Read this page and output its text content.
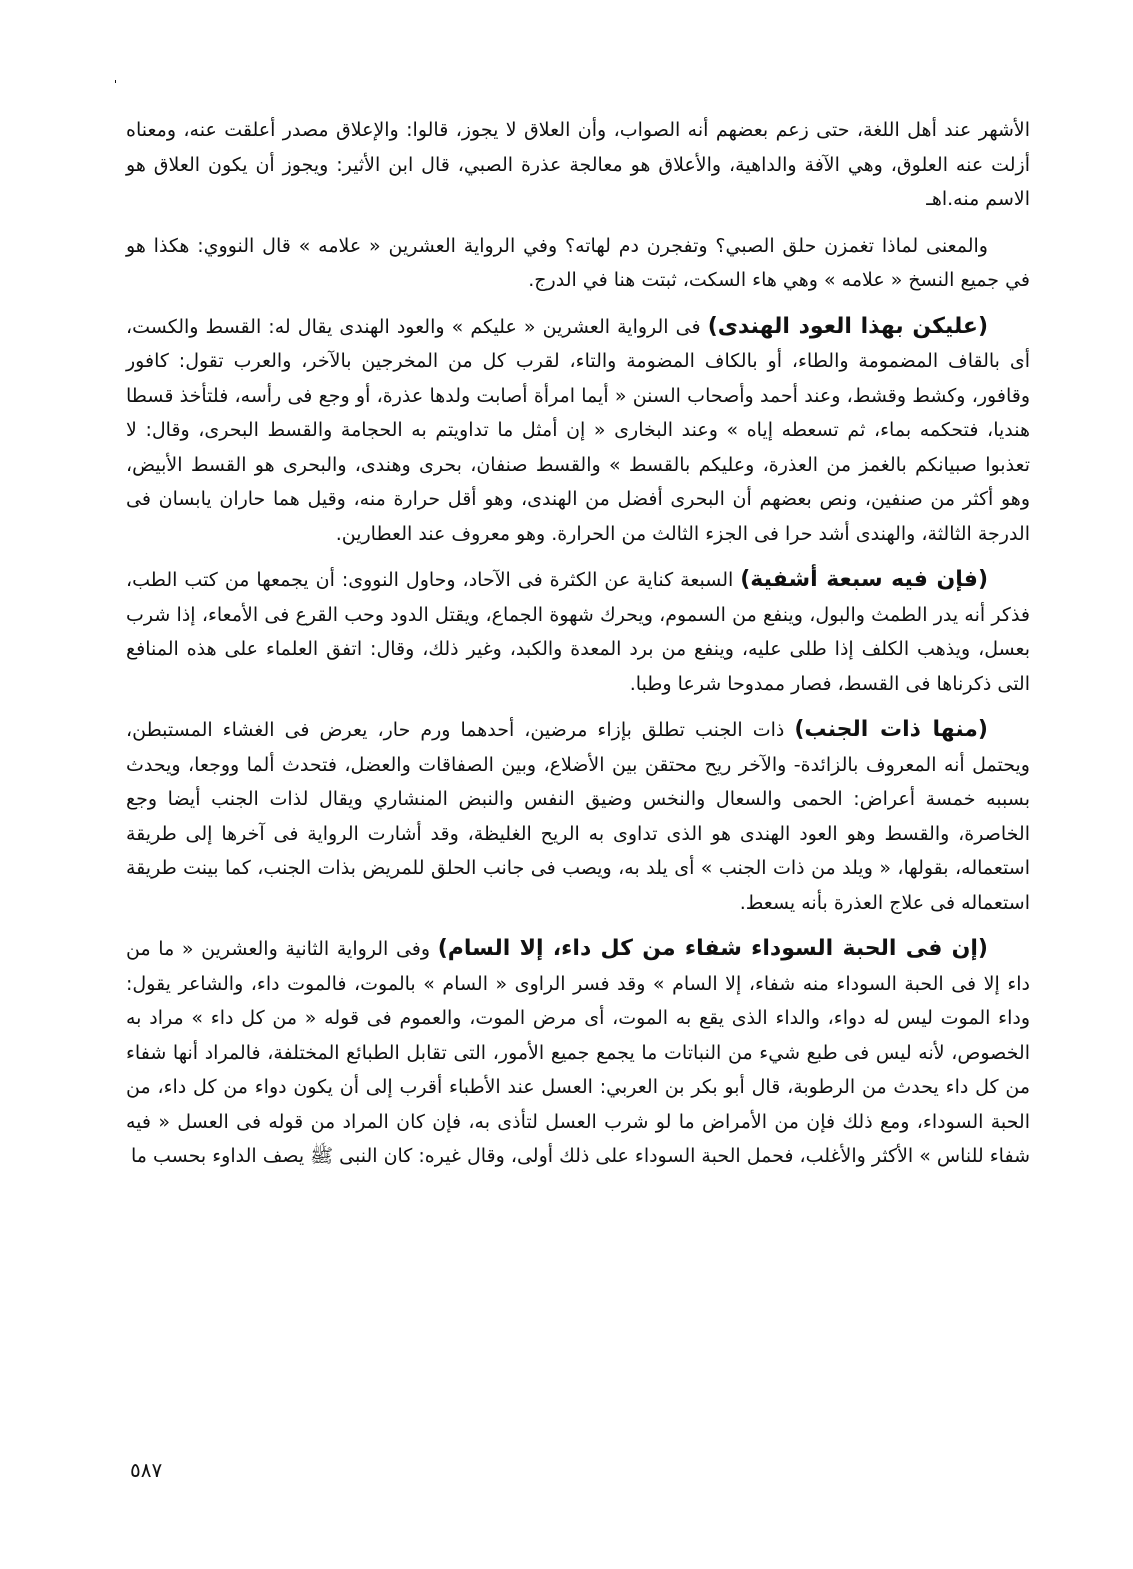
الأشهر عند أهل اللغة، حتى زعم بعضهم أنه الصواب، وأن العلاق لا يجوز، قالوا: والإعلاق مصدر أعلقت عنه، ومعناه أزلت عنه العلوق، وهي الآفة والداهية، والأعلاق هو معالجة عذرة الصبي، قال ابن الأثير: ويجوز أن يكون العلاق هو الاسم منه.اهـ

والمعنى لماذا تغمزن حلق الصبي؟ وتفجرن دم لهاته؟ وفي الرواية العشرين « علامه » قال النووي: هكذا هو في جميع النسخ « علامه » وهي هاء السكت، ثبتت هنا في الدرج.

(عليكن بهذا العود الهندى) فى الرواية العشرين « عليكم » والعود الهندى يقال له: القسط والكست، أى بالقاف المضمومة والطاء، أو بالكاف المضومة والتاء، لقرب كل من المخرجين بالآخر، والعرب تقول: كافور وقافور، وكشط وقشط، وعند أحمد وأصحاب السنن « أيما امرأة أصابت ولدها عذرة، أو وجع فى رأسه، فلتأخذ قسطا هنديا، فتحكمه بماء، ثم تسعطه إياه » وعند البخارى « إن أمثل ما تداويتم به الحجامة والقسط البحرى، وقال: لا تعذبوا صبيانكم بالغمز من العذرة، وعليكم بالقسط » والقسط صنفان، بحرى وهندى، والبحرى هو القسط الأبيض، وهو أكثر من صنفين، ونص بعضهم أن البحرى أفضل من الهندى، وهو أقل حرارة منه، وقيل هما حاران يابسان فى الدرجة الثالثة، والهندى أشد حرا فى الجزء الثالث من الحرارة. وهو معروف عند العطارين.

(فإن فيه سبعة أشفية) السبعة كناية عن الكثرة فى الآحاد، وحاول النووى: أن يجمعها من كتب الطب، فذكر أنه يدر الطمث والبول، وينفع من السموم، ويحرك شهوة الجماع، ويقتل الدود وحب القرع فى الأمعاء، إذا شرب بعسل، ويذهب الكلف إذا طلى عليه، وينفع من برد المعدة والكبد، وغير ذلك، وقال: اتفق العلماء على هذه المنافع التى ذكرناها فى القسط، فصار ممدوحا شرعا وطبا.

(منها ذات الجنب) ذات الجنب تطلق بإزاء مرضين، أحدهما ورم حار، يعرض فى الغشاء المستبطن، ويحتمل أنه المعروف بالزائدة- والآخر ريح محتقن بين الأضلاع، وبين الصفاقات والعضل، فتحدث ألما ووجعا، ويحدث بسببه خمسة أعراض: الحمى والسعال والنخس وضيق النفس والنبض المنشاري ويقال لذات الجنب أيضا وجع الخاصرة، والقسط وهو العود الهندى هو الذى تداوى به الريح الغليظة، وقد أشارت الرواية فى آخرها إلى طريقة استعماله، بقولها، « ويلد من ذات الجنب » أى يلد به، ويصب فى جانب الحلق للمريض بذات الجنب، كما بينت طريقة استعماله فى علاج العذرة بأنه يسعط.

(إن فى الحبة السوداء شفاء من كل داء، إلا السام) وفى الرواية الثانية والعشرين « ما من داء إلا فى الحبة السوداء منه شفاء، إلا السام » وقد فسر الراوى « السام » بالموت، فالموت داء، والشاعر يقول: وداء الموت ليس له دواء، والداء الذى يقع به الموت، أى مرض الموت، والعموم فى قوله « من كل داء » مراد به الخصوص، لأنه ليس فى طبع شيء من النباتات ما يجمع جميع الأمور، التى تقابل الطبائع المختلفة، فالمراد أنها شفاء من كل داء يحدث من الرطوبة، قال أبو بكر بن العربي: العسل عند الأطباء أقرب إلى أن يكون دواء من كل داء، من الحبة السوداء، ومع ذلك فإن من الأمراض ما لو شرب العسل لتأذى به، فإن كان المراد من قوله فى العسل « فيه شفاء للناس » الأكثر والأغلب، فحمل الحبة السوداء على ذلك أولى، وقال غيره: كان النبى ﷺ يصف الداوء بحسب ما

٥٨٧
